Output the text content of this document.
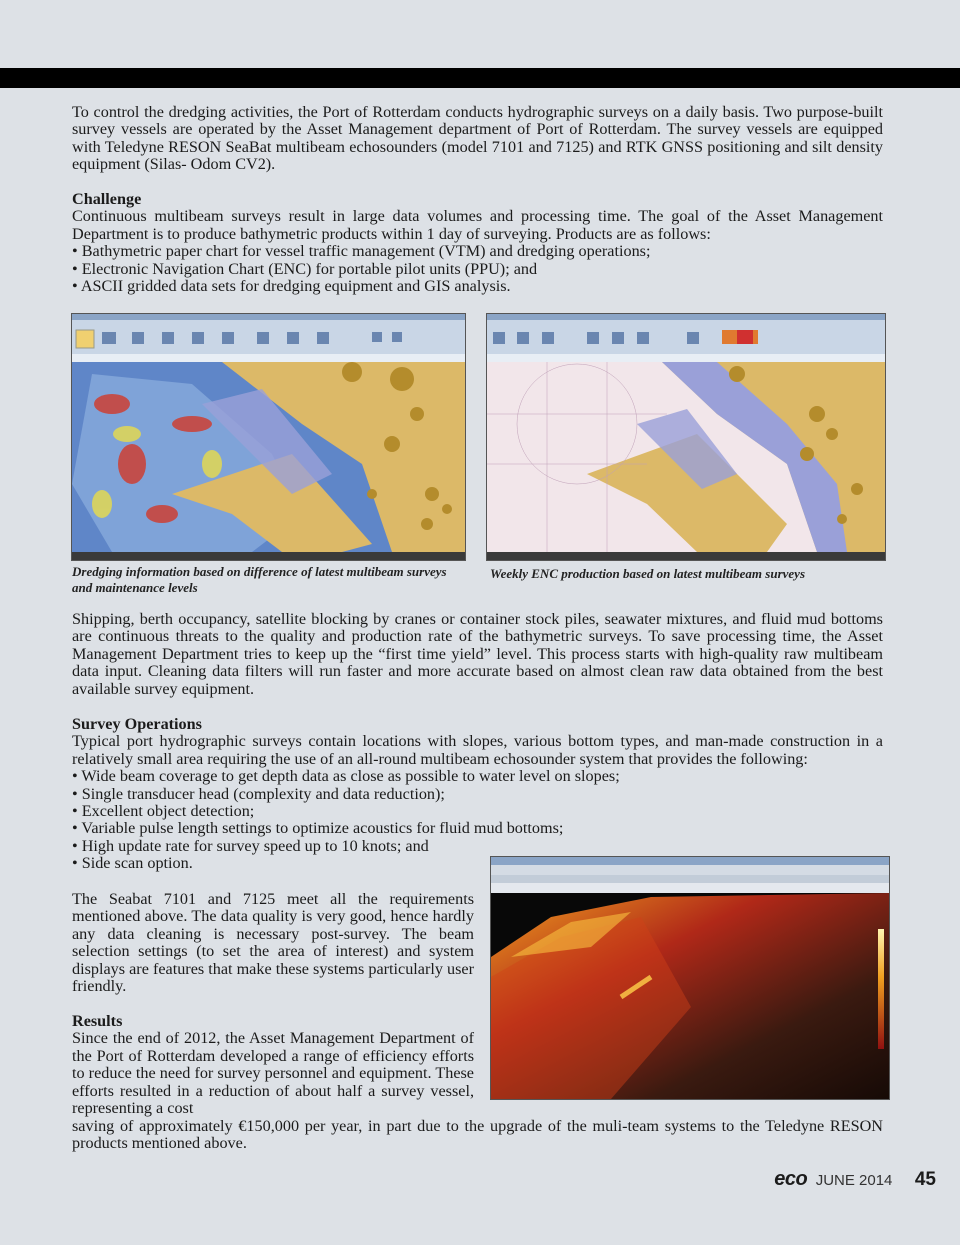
To control the dredging activities, the Port of Rotterdam conducts hydrographic surveys on a daily basis. Two purpose-built survey vessels are operated by the Asset Management department of Port of Rotterdam. The survey vessels are equipped with Teledyne RESON SeaBat multibeam echosounders (model 7101 and 7125) and RTK GNSS positioning and silt density equipment (Silas- Odom CV2).

Challenge

Continuous multibeam surveys result in large data volumes and processing time. The goal of the Asset Management Department is to produce bathymetric products within 1 day of surveying. Products are as follows:

• Bathymetric paper chart for vessel traffic management (VTM) and dredging operations;

• Electronic Navigation Chart (ENC) for portable pilot units (PPU); and

• ASCII gridded data sets for dredging equipment and GIS analysis.

Dredging information based on difference of latest multibeam surveys and maintenance levels
Weekly ENC production based on latest multibeam surveys

Shipping, berth occupancy, satellite blocking by cranes or container stock piles, seawater mixtures, and fluid mud bottoms are continuous threats to the quality and production rate of the bathymetric surveys. To save processing time, the Asset Management Department tries to keep up the “first time yield” level. This process starts with high-quality raw multibeam data input. Cleaning data filters will run faster and more accurate based on almost clean raw data obtained from the best available survey equipment.

Survey Operations

Typical port hydrographic surveys contain locations with slopes, various bottom types, and man-made construction in a relatively small area requiring the use of an all-round multibeam echosounder system that provides the following:

• Wide beam coverage to get depth data as close as possible to water level on slopes;

• Single transducer head (complexity and data reduction);

• Excellent object detection;

• Variable pulse length settings to optimize acoustics for fluid mud bottoms;

• High update rate for survey speed up to 10 knots; and

• Side scan option.

The Seabat 7101 and 7125 meet all the requirements mentioned above. The data quality is very good, hence hardly any data cleaning is necessary post-survey. The beam selection settings (to set the area of interest) and system displays are features that make these systems particularly user friendly.

Results

Since the end of 2012, the Asset Management Department of the Port of Rotterdam developed a range of efficiency efforts to reduce the need for survey personnel and equipment. These efforts resulted in a reduction of about half a survey vessel, representing a cost

saving of approximately €150,000 per year, in part due to the upgrade of the muli-team systems to the Teledyne RESON products mentioned above.

eco JUNE 2014 45
